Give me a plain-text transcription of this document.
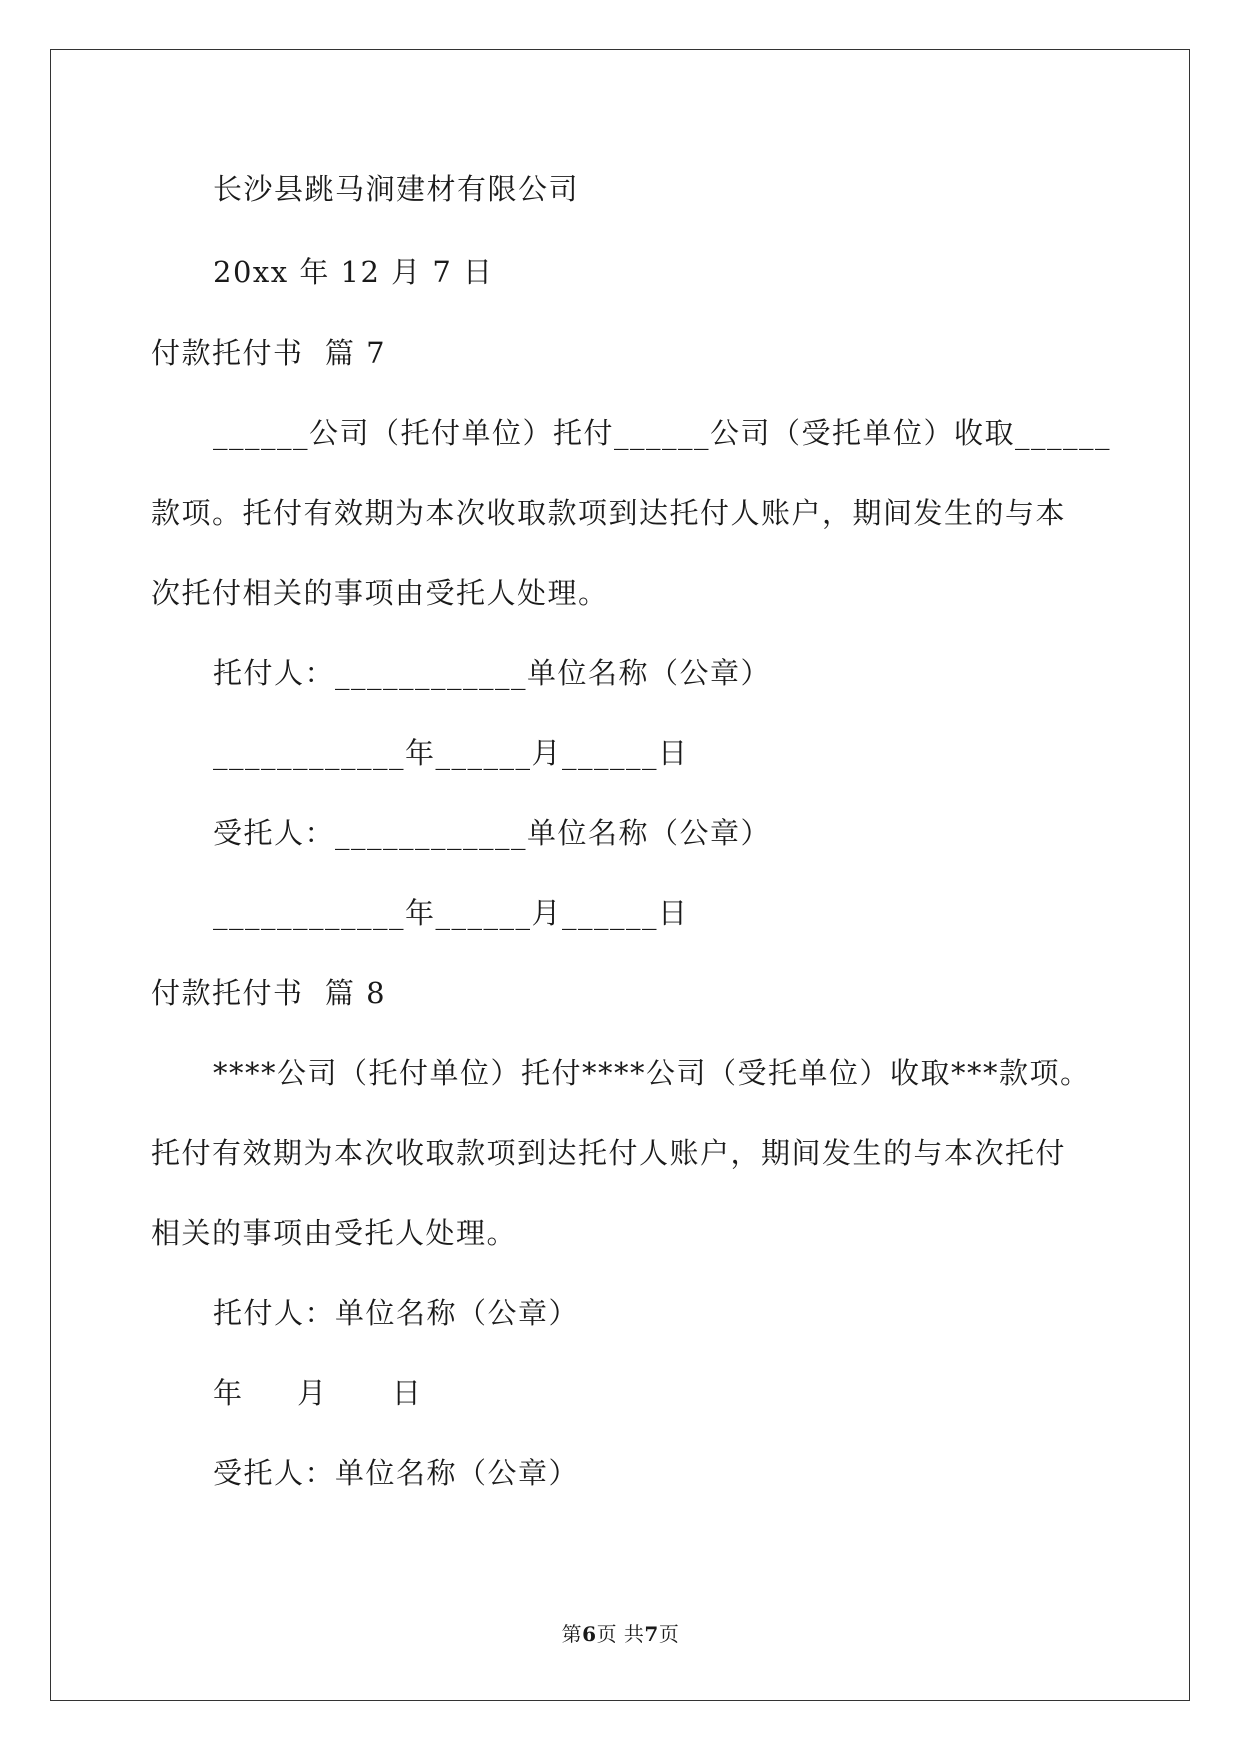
长沙县跳马涧建材有限公司
20xx 年 12 月 7 日
付款托付书  篇 7
______公司（托付单位）托付______公司（受托单位）收取______
款项。托付有效期为本次收取款项到达托付人账户，期间发生的与本
次托付相关的事项由受托人处理。
托付人：____________单位名称（公章）
____________年______月______日
受托人：____________单位名称（公章）
____________年______月______日
付款托付书  篇 8
****公司（托付单位）托付****公司（受托单位）收取***款项。
托付有效期为本次收取款项到达托付人账户，期间发生的与本次托付
相关的事项由受托人处理。
托付人：单位名称（公章）
年     月      日
受托人：单位名称（公章）
第6页 共7页
